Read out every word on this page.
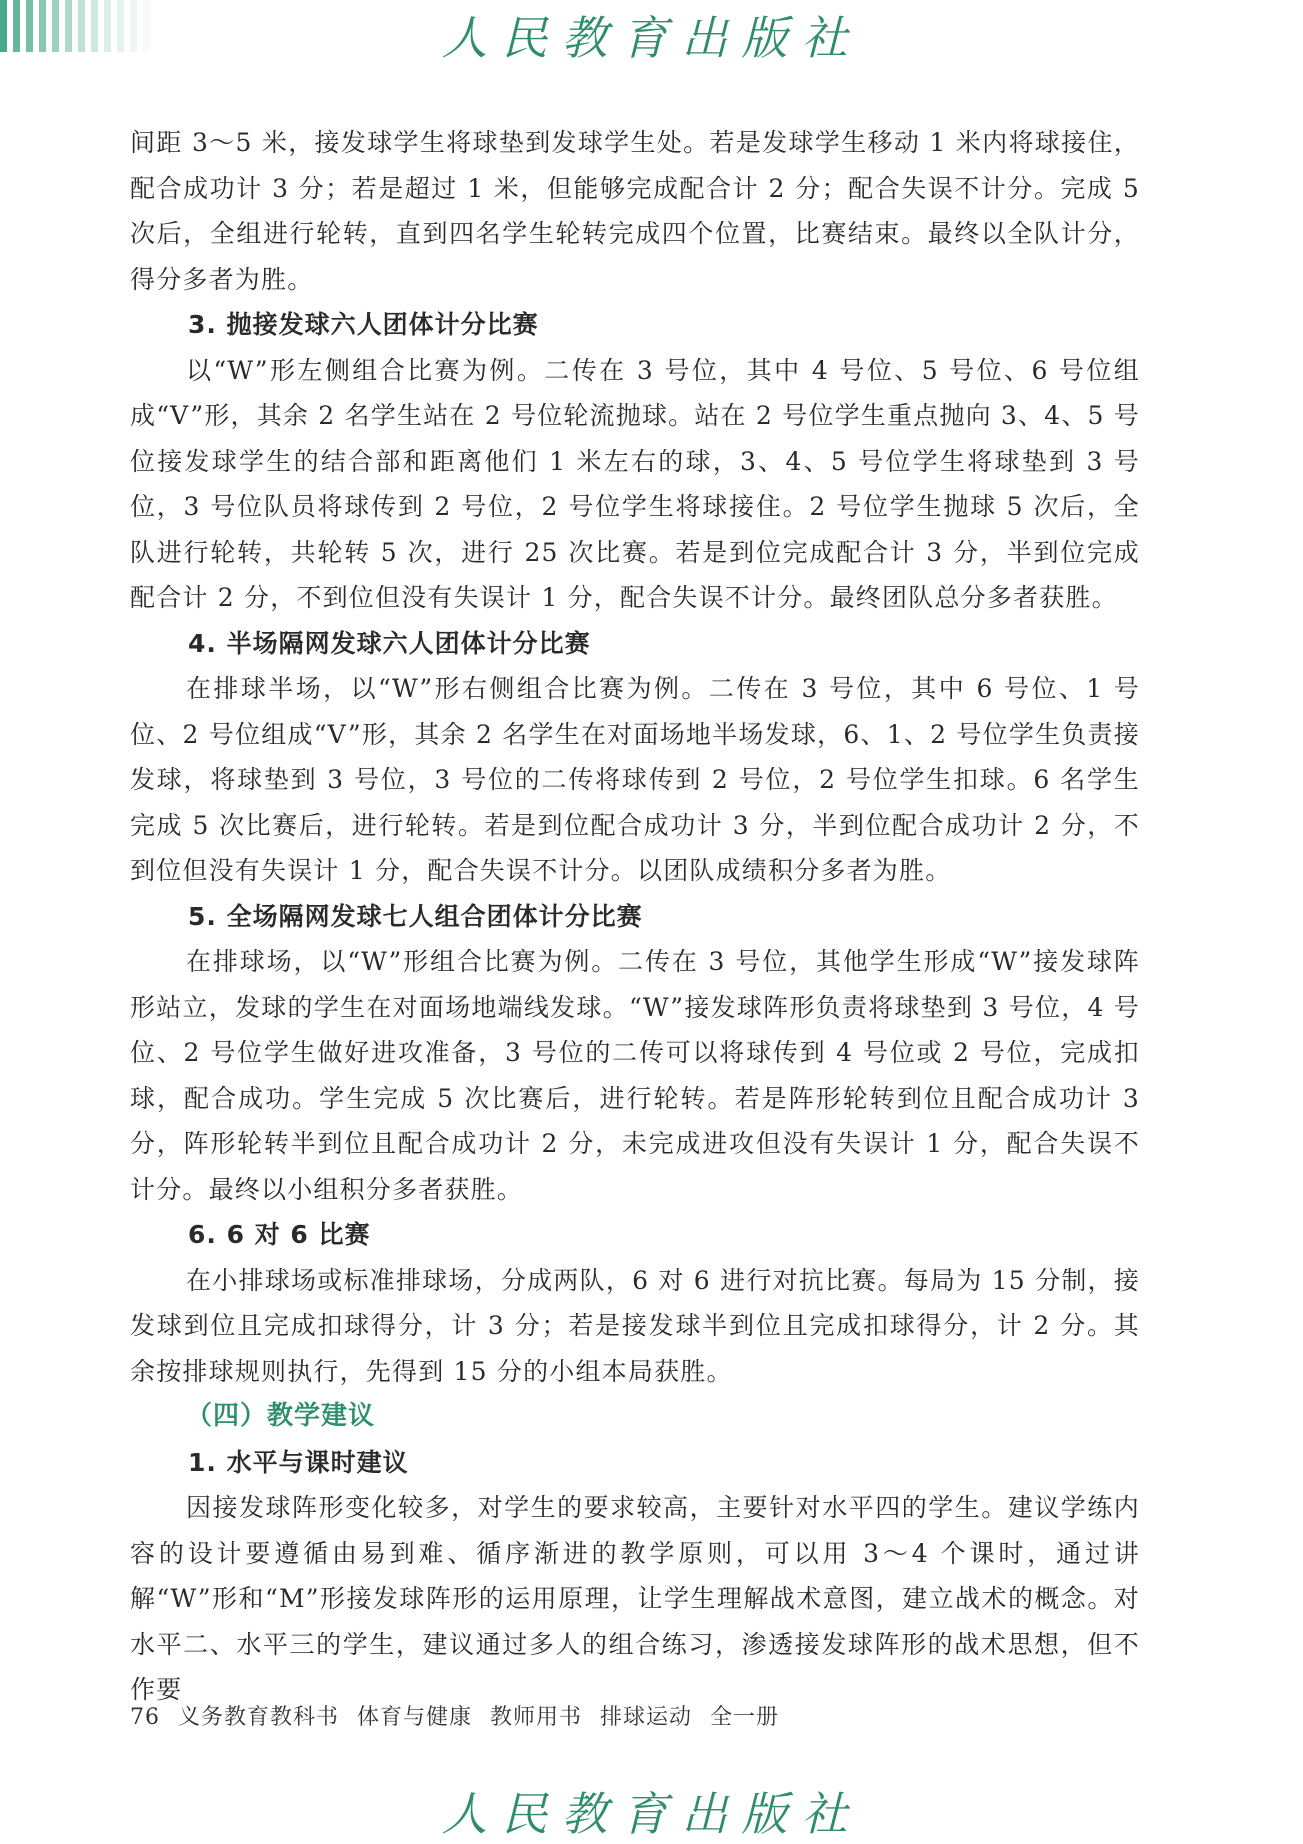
人民教育出版社

间距 3～5 米，接发球学生将球垫到发球学生处。若是发球学生移动 1 米内将球接住，配合成功计 3 分；若是超过 1 米，但能够完成配合计 2 分；配合失误不计分。完成 5 次后，全组进行轮转，直到四名学生轮转完成四个位置，比赛结束。最终以全队计分，得分多者为胜。

3. 抛接发球六人团体计分比赛

以“W”形左侧组合比赛为例。二传在 3 号位，其中 4 号位、5 号位、6 号位组成“V”形，其余 2 名学生站在 2 号位轮流抛球。站在 2 号位学生重点抛向 3、4、5 号位接发球学生的结合部和距离他们 1 米左右的球，3、4、5 号位学生将球垫到 3 号位，3 号位队员将球传到 2 号位，2 号位学生将球接住。2 号位学生抛球 5 次后，全队进行轮转，共轮转 5 次，进行 25 次比赛。若是到位完成配合计 3 分，半到位完成配合计 2 分，不到位但没有失误计 1 分，配合失误不计分。最终团队总分多者获胜。

4. 半场隔网发球六人团体计分比赛

在排球半场，以“W”形右侧组合比赛为例。二传在 3 号位，其中 6 号位、1 号位、2 号位组成“V”形，其余 2 名学生在对面场地半场发球，6、1、2 号位学生负责接发球，将球垫到 3 号位，3 号位的二传将球传到 2 号位，2 号位学生扣球。6 名学生完成 5 次比赛后，进行轮转。若是到位配合成功计 3 分，半到位配合成功计 2 分，不到位但没有失误计 1 分，配合失误不计分。以团队成绩积分多者为胜。

5. 全场隔网发球七人组合团体计分比赛

在排球场，以“W”形组合比赛为例。二传在 3 号位，其他学生形成“W”接发球阵形站立，发球的学生在对面场地端线发球。“W”接发球阵形负责将球垫到 3 号位，4 号位、2 号位学生做好进攻准备，3 号位的二传可以将球传到 4 号位或 2 号位，完成扣球，配合成功。学生完成 5 次比赛后，进行轮转。若是阵形轮转到位且配合成功计 3 分，阵形轮转半到位且配合成功计 2 分，未完成进攻但没有失误计 1 分，配合失误不计分。最终以小组积分多者获胜。

6. 6 对 6 比赛

在小排球场或标准排球场，分成两队，6 对 6 进行对抗比赛。每局为 15 分制，接发球到位且完成扣球得分，计 3 分；若是接发球半到位且完成扣球得分，计 2 分。其余按排球规则执行，先得到 15 分的小组本局获胜。

（四）教学建议
1. 水平与课时建议

因接发球阵形变化较多，对学生的要求较高，主要针对水平四的学生。建议学练内容的设计要遵循由易到难、循序渐进的教学原则，可以用 3～4 个课时，通过讲解“W”形和“M”形接发球阵形的运用原理，让学生理解战术意图，建立战术的概念。对水平二、水平三的学生，建议通过多人的组合练习，渗透接发球阵形的战术思想，但不作要

76 义务教育教科书 体育与健康 教师用书 排球运动 全一册
人民教育出版社
